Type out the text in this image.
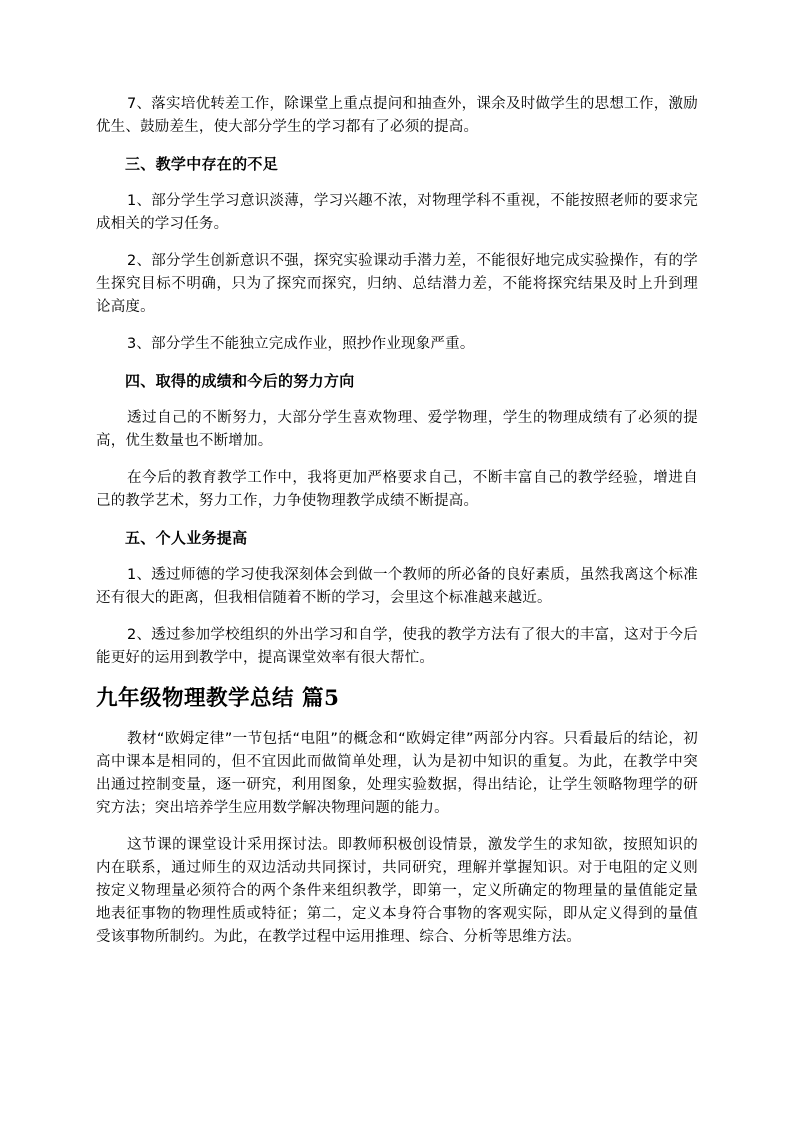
7、落实培优转差工作，除课堂上重点提问和抽查外，课余及时做学生的思想工作，激励优生、鼓励差生，使大部分学生的学习都有了必须的提高。

三、教学中存在的不足

1、部分学生学习意识淡薄，学习兴趣不浓，对物理学科不重视，不能按照老师的要求完成相关的学习任务。

2、部分学生创新意识不强，探究实验课动手潜力差，不能很好地完成实验操作，有的学生探究目标不明确，只为了探究而探究，归纳、总结潜力差，不能将探究结果及时上升到理论高度。

3、部分学生不能独立完成作业，照抄作业现象严重。

四、取得的成绩和今后的努力方向

透过自己的不断努力，大部分学生喜欢物理、爱学物理，学生的物理成绩有了必须的提高，优生数量也不断增加。

在今后的教育教学工作中，我将更加严格要求自己，不断丰富自己的教学经验，增进自己的教学艺术，努力工作，力争使物理教学成绩不断提高。

五、个人业务提高

1、透过师德的学习使我深刻体会到做一个教师的所必备的良好素质，虽然我离这个标准还有很大的距离，但我相信随着不断的学习，会里这个标准越来越近。

2、透过参加学校组织的外出学习和自学，使我的教学方法有了很大的丰富，这对于今后能更好的运用到教学中，提高课堂效率有很大帮忙。

九年级物理教学总结 篇5

教材“欧姆定律”一节包括“电阻”的概念和“欧姆定律”两部分内容。只看最后的结论，初高中课本是相同的，但不宜因此而做简单处理，认为是初中知识的重复。为此，在教学中突出通过控制变量，逐一研究，利用图象，处理实验数据，得出结论，让学生领略物理学的研究方法；突出培养学生应用数学解决物理问题的能力。

这节课的课堂设计采用探讨法。即教师积极创设情景，激发学生的求知欲，按照知识的内在联系，通过师生的双边活动共同探讨，共同研究，理解并掌握知识。对于电阻的定义则按定义物理量必须符合的两个条件来组织教学，即第一，定义所确定的物理量的量值能定量地表征事物的物理性质或特征；第二，定义本身符合事物的客观实际，即从定义得到的量值受该事物所制约。为此，在教学过程中运用推理、综合、分析等思维方法。
